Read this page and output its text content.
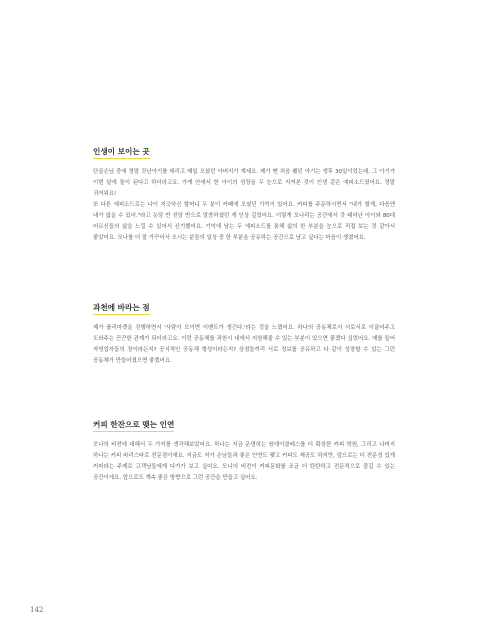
인생이 보이는 곳

단골손님 중에 정말 갓난아기를 데리고 매일 오셨던 아버지가 계세요. 제가 맨 처음 뵀던 아기는 생후 30일이었는데, 그 아기가 이번 달에 돌이 된다고 하더라고요. 가게 안에서 한 아이의 성장을 두 눈으로 지켜본 것이 인생 같은 에피소드였어요. 정말 귀여워요!

또 다른 에피소드로는 나이 지긋하신 할머니 두 분이 카페에 오셨던 기억이 있어요. 커피를 주문하시면서 "내가 할게, 다음엔 내가 없을 수 있어."라고 농담 반 진담 반으로 말씀하셨던 게 인상 깊었어요. 이렇게 모나리는 공간에서 갓 태어난 아이와 80대 어르신들의 삶을 느낄 수 있어서 신기했어요. 기억에 남는 두 에피소드를 통해 삶의 한 부분을 눈으로 직접 보는 것 같아서 좋았어요. 모나를 더 잘 가꾸어서 오시는 분들의 일상 중 한 부분을 공유하는 공간으로 남고 싶다는 마음이 생겼어요.

과천에 바라는 점

제가 플리마켓을 진행하면서 '사람이 모이면 이벤트가 생긴다.'라는 것을 느꼈어요. 하나의 공동체로서 서로서로 이끌어주고 도와주는 끈끈한 관계가 되더라고요. 이런 공동체를 과천시 내에서 지원해줄 수 있는 부분이 있으면 좋겠다 싶었어요. 예를 들어 자영업자들의 장이라든지? 공식적인 공동체 형성이라든지? 상점들끼리 서로 정보를 공유하고 다 같이 성장할 수 있는 그런 공동체가 만들어졌으면 좋겠어요.

커피 한잔으로 맺는 인연

모나의 비전에 대해서 두 가지를 생각해보았어요. 하나는 지금 운영하는 원데이클래스를 더 확장한 커피 학원, 그리고 나머지 하나는 커피 바리스타로 전문점이에요. 지금도 저가 손님들과 좋은 인연도 맺고 커피도 제공도 하지만, 앞으로는 더 전문성 있게 커피라는 주제로 고객님들에게 다가가 보고 싶어요. 모나의 비전이 커피문화를 조금 더 탄탄하고 전문적으로 즐길 수 있는 공간이에요. 앞으로도 계속 좋은 방향으로 그런 공간을 만들고 싶어요.

142
